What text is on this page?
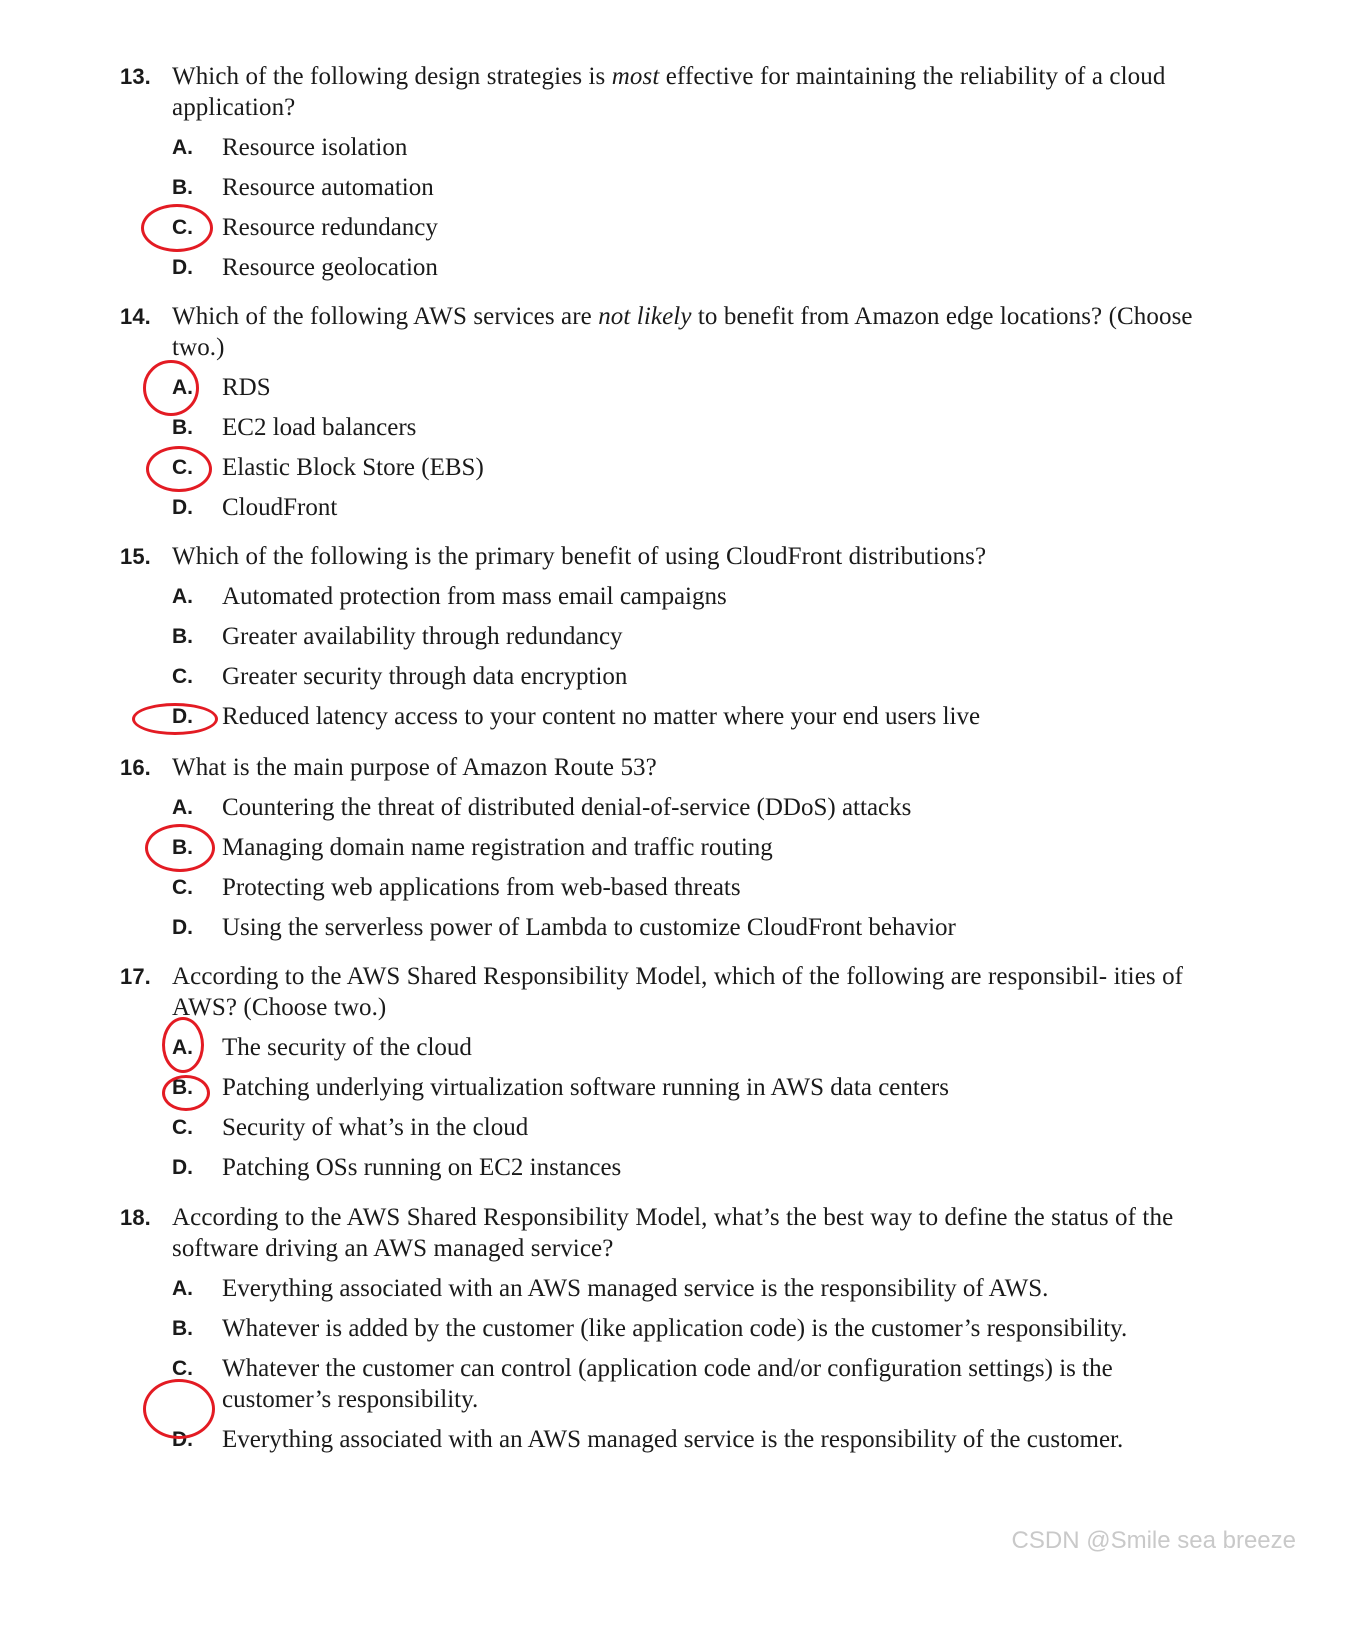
13. Which of the following design strategies is most effective for maintaining the reliability of a cloud application?
A. Resource isolation
B. Resource automation
C. Resource redundancy
D. Resource geolocation
14. Which of the following AWS services are not likely to benefit from Amazon edge locations? (Choose two.)
A. RDS
B. EC2 load balancers
C. Elastic Block Store (EBS)
D. CloudFront
15. Which of the following is the primary benefit of using CloudFront distributions?
A. Automated protection from mass email campaigns
B. Greater availability through redundancy
C. Greater security through data encryption
D. Reduced latency access to your content no matter where your end users live
16. What is the main purpose of Amazon Route 53?
A. Countering the threat of distributed denial-of-service (DDoS) attacks
B. Managing domain name registration and traffic routing
C. Protecting web applications from web-based threats
D. Using the serverless power of Lambda to customize CloudFront behavior
17. According to the AWS Shared Responsibility Model, which of the following are responsibil- ities of AWS? (Choose two.)
A. The security of the cloud
B. Patching underlying virtualization software running in AWS data centers
C. Security of what’s in the cloud
D. Patching OSs running on EC2 instances
18. According to the AWS Shared Responsibility Model, what’s the best way to define the status of the software driving an AWS managed service?
A. Everything associated with an AWS managed service is the responsibility of AWS.
B. Whatever is added by the customer (like application code) is the customer’s responsibility.
C. Whatever the customer can control (application code and/or configuration settings) is the customer’s responsibility.
D. Everything associated with an AWS managed service is the responsibility of the customer.
CSDN @Smile sea breeze
